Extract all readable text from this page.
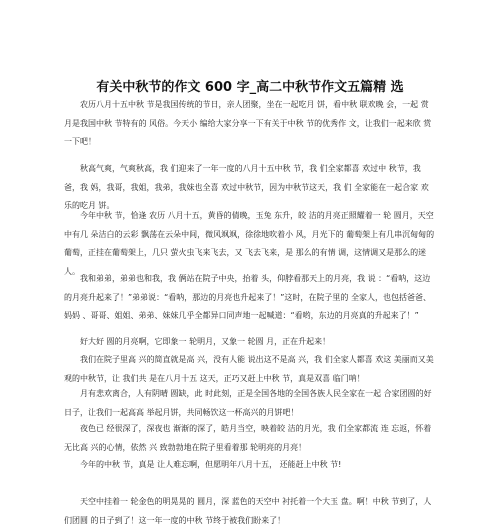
有关中秋节的作文 600 字_高二中秋节作文五篇精 选

农历八月十五中秋 节是我国传统的节日，亲人团聚，坐在一起吃月 饼，看中秋 联欢晚 会，一起 赏月是我国中秋 节特有的 风俗。今天小 编给大家分享一下有关于中秋 节的优秀作 文，让我们一起来欣 赏一下吧！

秋高气爽，气爽秋高，我 们迎来了一年一度的八月十五中秋 节，我 们全家都喜 欢过中 秋节，我爸，我 妈，我哥，我姐，我弟，我妹也全喜 欢过中秋节，因为中秋节这天，我 们 全家能在一起合家 欢乐的吃月 饼。

今年中秋 节，恰逢 农历 八月十五，黄昏的倩晚，玉兔 东升，皎 洁的月亮正照耀着一 轮 圆月，天空中有几 朵洁白的云彩 飘荡在云朵中间，微风飒飒，徐徐地吹着小 风，月光下的 葡萄架上有几串沉甸甸的葡萄，正挂在葡萄架上，几只 萤火虫飞来飞去，又 飞去飞来，是 那么的有情 调，这情调又是那么的迷人。

我和弟弟，弟弟也和我，我 俩站在院子中央，抬着 头，仰脖看那天上的月亮，我 说 ：“看呐，这边的月亮升起来了！”弟弟说：“看呐，那边的月亮也升起来了！”这时，在院子里的 全家人，也包括爸爸、 妈妈 、哥哥、姐姐、弟弟、妹妹几乎全都异口同声地一起喊道：“看哟，东边的月亮真的升起来了！”

好大好 圆的月亮啊，它即象一 轮明月，又象一 轮圆 月，正在升起来！

我们在院子里高 兴的简直就是高 兴，没有人能 说出这不是高 兴，我 们全家人都喜 欢这 美丽而又美观的中秋节，让 我们共 是在八月十五 这天，正巧又赶上中秋 节，真是双喜 临门呐！

月有悲欢离合，人有阴晴 圆缺，此 时此刻，正是全国各地的全国各族人民全家在一起 合家团圆的好日子，让我们一起高高 举起月饼，共同畅饮这一杯高兴的月饼吧！

夜色已 经很深了，深夜也 渐渐的深了，皓月当空，映着皎 洁的月光，我 们全家都流 连 忘返，怀着无比高 兴的心情，依然 兴 致勃勃地在院子里看着那 轮明亮的月亮！

今年的中秋 节，真是 让人难忘啊，但愿明年八月十五， 还能赶上中秋 节!

天空中挂着一 轮金色的明晃晃的 圆月，深 蓝色的天空中 衬托着一个大玉 盘。啊！中秋 节到了，人们团圆 的日子到了！这一年一度的中秋 节终于被我们盼来了！
